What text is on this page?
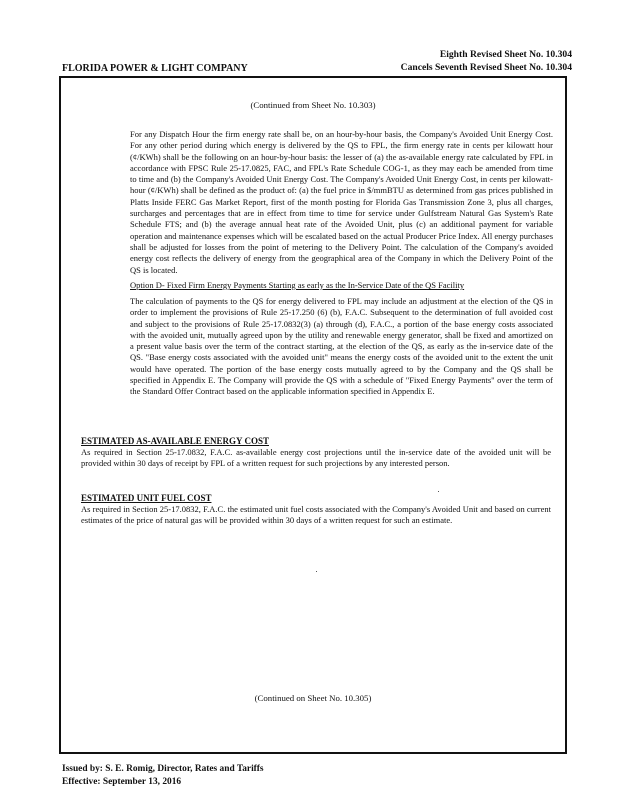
Eighth Revised Sheet No. 10.304
Cancels Seventh Revised Sheet No. 10.304
FLORIDA POWER & LIGHT COMPANY
(Continued from Sheet No. 10.303)
For any Dispatch Hour the firm energy rate shall be, on an hour-by-hour basis, the Company's Avoided Unit Energy Cost. For any other period during which energy is delivered by the QS to FPL, the firm energy rate in cents per kilowatt hour (¢/KWh) shall be the following on an hour-by-hour basis: the lesser of (a) the as-available energy rate calculated by FPL in accordance with FPSC Rule 25-17.0825, FAC, and FPL's Rate Schedule COG-1, as they may each be amended from time to time and (b) the Company's Avoided Unit Energy Cost. The Company's Avoided Unit Energy Cost, in cents per kilowatt-hour (¢/KWh) shall be defined as the product of: (a) the fuel price in $/mmBTU as determined from gas prices published in Platts Inside FERC Gas Market Report, first of the month posting for Florida Gas Transmission Zone 3, plus all charges, surcharges and percentages that are in effect from time to time for service under Gulfstream Natural Gas System's Rate Schedule FTS; and (b) the average annual heat rate of the Avoided Unit, plus (c) an additional payment for variable operation and maintenance expenses which will be escalated based on the actual Producer Price Index. All energy purchases shall be adjusted for losses from the point of metering to the Delivery Point. The calculation of the Company's avoided energy cost reflects the delivery of energy from the geographical area of the Company in which the Delivery Point of the QS is located.
Option D- Fixed Firm Energy Payments Starting as early as the In-Service Date of the QS Facility
The calculation of payments to the QS for energy delivered to FPL may include an adjustment at the election of the QS in order to implement the provisions of Rule 25-17.250 (6) (b), F.A.C. Subsequent to the determination of full avoided cost and subject to the provisions of Rule 25-17.0832(3) (a) through (d), F.A.C., a portion of the base energy costs associated with the avoided unit, mutually agreed upon by the utility and renewable energy generator, shall be fixed and amortized on a present value basis over the term of the contract starting, at the election of the QS, as early as the in-service date of the QS. "Base energy costs associated with the avoided unit" means the energy costs of the avoided unit to the extent the unit would have operated. The portion of the base energy costs mutually agreed to by the Company and the QS shall be specified in Appendix E. The Company will provide the QS with a schedule of "Fixed Energy Payments" over the term of the Standard Offer Contract based on the applicable information specified in Appendix E.
ESTIMATED AS-AVAILABLE ENERGY COST
As required in Section 25-17.0832, F.A.C. as-available energy cost projections until the in-service date of the avoided unit will be provided within 30 days of receipt by FPL of a written request for such projections by any interested person.
ESTIMATED UNIT FUEL COST
As required in Section 25-17.0832, F.A.C. the estimated unit fuel costs associated with the Company's Avoided Unit and based on current estimates of the price of natural gas will be provided within 30 days of a written request for such an estimate.
(Continued on Sheet No. 10.305)
Issued by: S. E. Romig, Director, Rates and Tariffs
Effective: September 13, 2016
